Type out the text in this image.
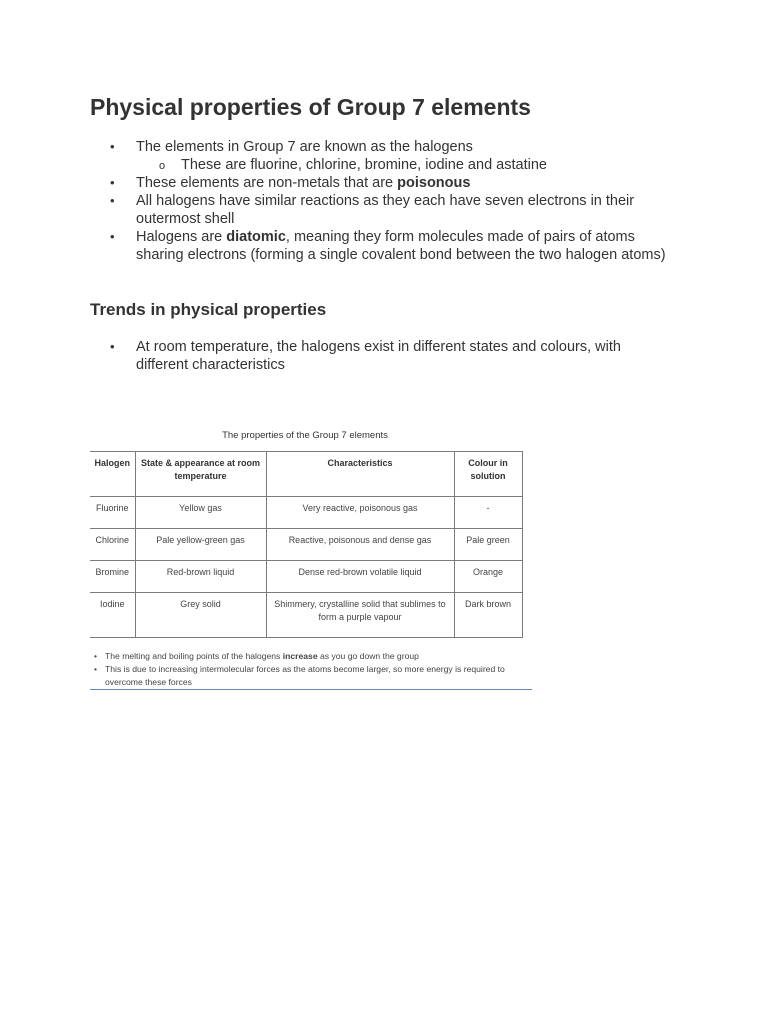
Physical properties of Group 7 elements
• The elements in Group 7 are known as the halogens
o These are fluorine, chlorine, bromine, iodine and astatine
• These elements are non-metals that are poisonous
• All halogens have similar reactions as they each have seven electrons in their outermost shell
• Halogens are diatomic, meaning they form molecules made of pairs of atoms sharing electrons (forming a single covalent bond between the two halogen atoms)
Trends in physical properties
• At room temperature, the halogens exist in different states and colours, with different characteristics

The properties of the Group 7 elements

Halogen	State & appearance at room temperature	Characteristics	Colour in solution
Fluorine	Yellow gas	Very reactive, poisonous gas	-
Chlorine	Pale yellow-green gas	Reactive, poisonous and dense gas	Pale green
Bromine	Red-brown liquid	Dense red-brown volatile liquid	Orange
Iodine	Grey solid	Shimmery, crystalline solid that sublimes to form a purple vapour	Dark brown
• The melting and boiling points of the halogens increase as you go down the group
• This is due to increasing intermolecular forces as the atoms become larger, so more energy is required to overcome these forces
